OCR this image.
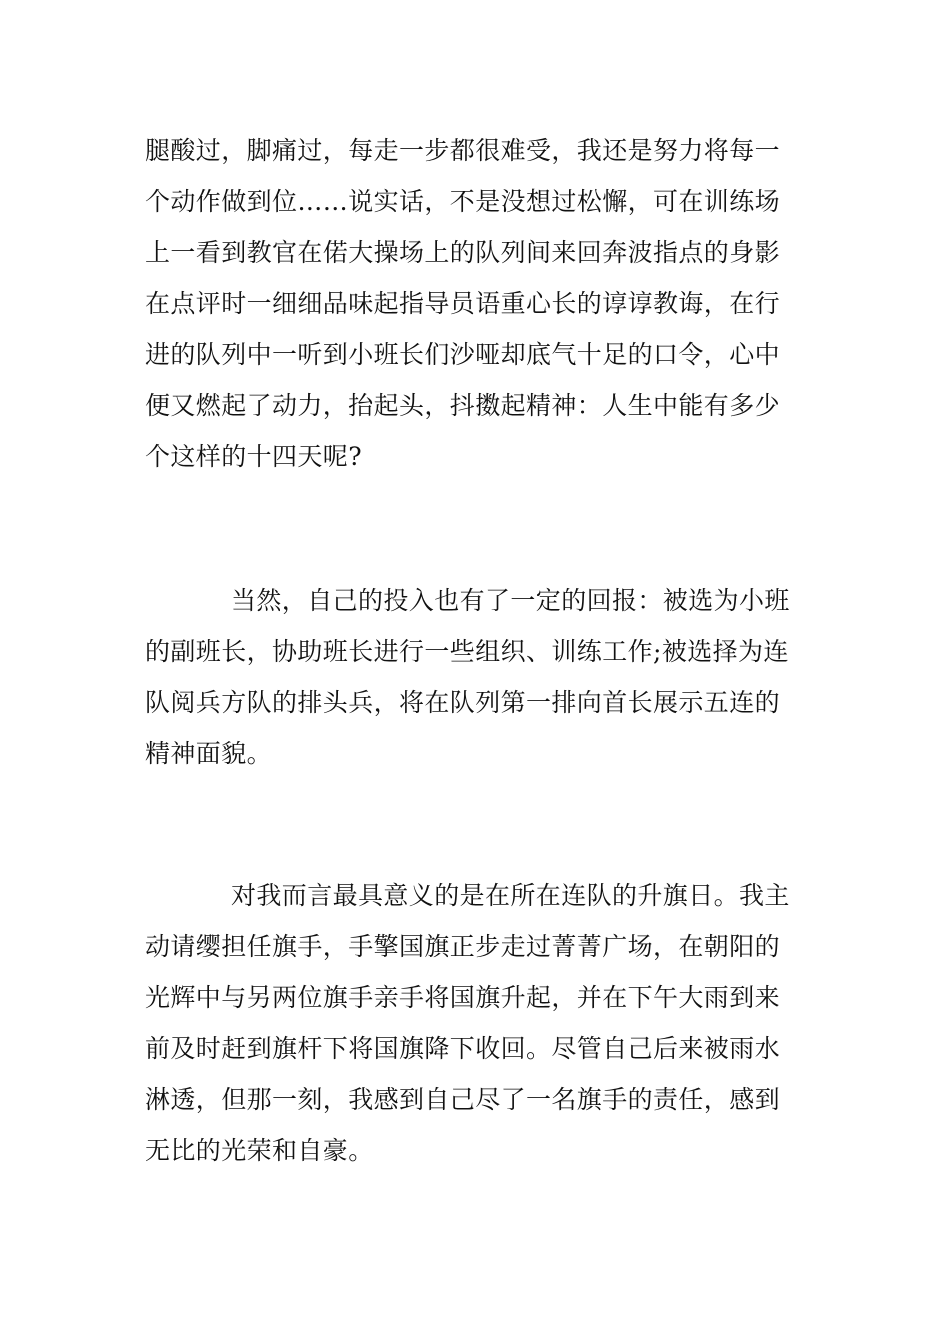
腿酸过，脚痛过，每走一步都很难受，我还是努力将每一
个动作做到位……说实话，不是没想过松懈，可在训练场
上一看到教官在偌大操场上的队列间来回奔波指点的身影
在点评时一细细品味起指导员语重心长的谆谆教诲，在行
进的队列中一听到小班长们沙哑却底气十足的口令，心中
便又燃起了动力，抬起头，抖擞起精神：人生中能有多少
个这样的十四天呢?

当然，自己的投入也有了一定的回报：被选为小班
的副班长，协助班长进行一些组织、训练工作;被选择为连
队阅兵方队的排头兵，将在队列第一排向首长展示五连的
精神面貌。

对我而言最具意义的是在所在连队的升旗日。我主
动请缨担任旗手，手擎国旗正步走过菁菁广场，在朝阳的
光辉中与另两位旗手亲手将国旗升起，并在下午大雨到来
前及时赶到旗杆下将国旗降下收回。尽管自己后来被雨水
淋透，但那一刻，我感到自己尽了一名旗手的责任，感到
无比的光荣和自豪。
